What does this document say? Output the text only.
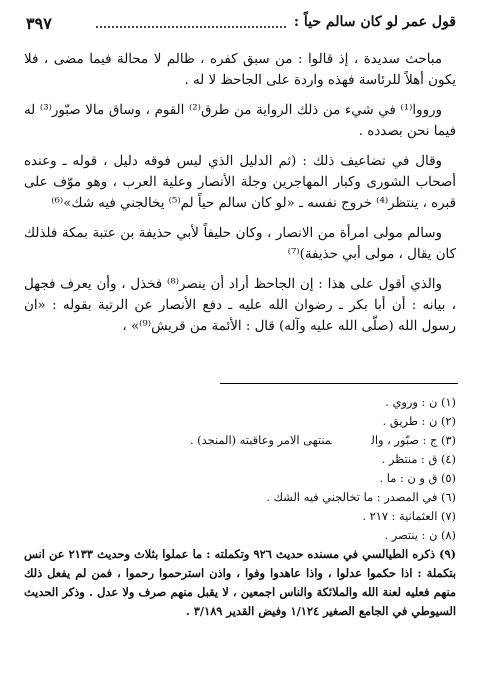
قول عمر لو كان سالم حياً :
٣٩٧

مباحث سديدة ، إذ قالوا : من سبق كفره ، ظالم لا محالة فيما مضى ، فلا يكون أهلاً للرئاسة فهذه واردة على الجاحظ لا له .

ورووا⁽¹⁾ في شيء من ذلك الرواية من طرق⁽²⁾ القوم ، وساق مالا صبّور⁽³⁾ له فيما نحن بصدده .

وقال في تضاعيف ذلك : (ثم الدليل الذي ليس فوقه دليل ، قوله ـ وعنده أصحاب الشورى وكبار المهاجرين وجلة الأنصار وعلية العرب ، وهو موّف على قبره ، ينتظر⁽⁴⁾ خروج نفسه ـ «لو كان سالم حياً لم⁽⁵⁾ يخالجني فيه شك»⁽⁶⁾

وسالم مولى امرأة من الانصار ، وكان حليفاً لأبي حذيفة بن عتبة بمكة فلذلك كان يقال ، مولى أبي حذيفة)⁽⁷⁾

والذي أقول على هذا : إن الجاحظ أراد أن ينصر⁽⁸⁾ فخذل ، وأن يعرف فجهل ، بيانه : أن أبا بكر ـ رضوان الله عليه ـ دفع الأنصار عن الرتبة بقوله : «ان رسول الله (صلّى الله عليه وآله) قال : الأئمة من قريش⁽⁹⁾» ،

(١) ن : وروي .

(٢) ن : طريق .

(٣) ج : صبّور ، وال‍منتهى الامر وعاقبته (المنجد) .

(٤) ق : منتظر .

(٥) ق و ن : ما .

(٦) في المصدر : ما تخالجني فيه الشك .

(٧) العثمانية : ٢١٧ .

(٨) ن : ينتصر .

(٩) ذكره الطيالسي في مسنده حديث ٩٢٦ وتكملته : ما عملوا بثلاث وحديث ٢١٣٣ عن انس بتكملة : اذا حكموا عدلوا ، واذا عاهدوا وفوا ، واذن استرحموا رحموا ، فمن لم يفعل ذلك منهم فعليه لعنة الله والملائكة والناس اجمعين ، لا يقبل منهم صرف ولا عدل . وذكر الحديث السيوطي في الجامع الصغير ١/١٢٤ وفيض القدير ٣/١٨٩ .
